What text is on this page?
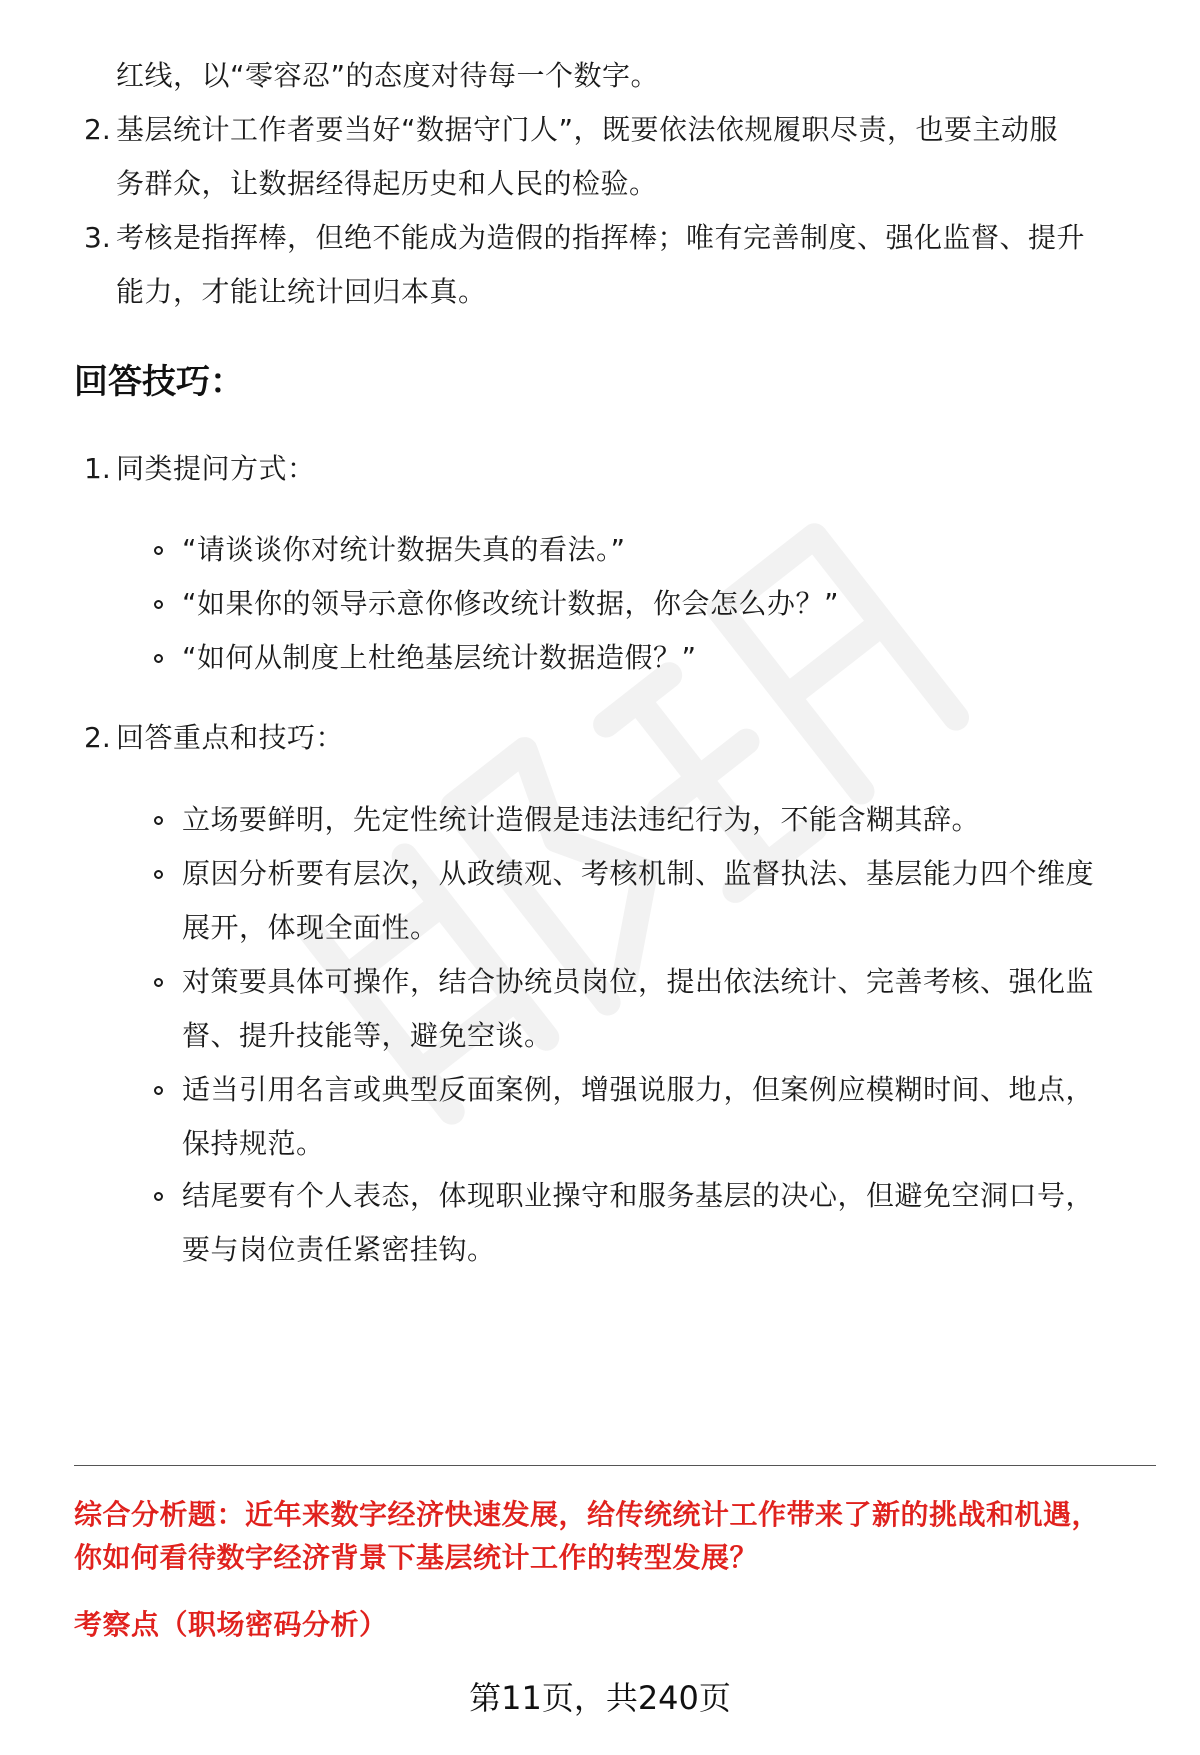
红线，以“零容忍”的态度对待每一个数字。
2. 基层统计工作者要当好“数据守门人”，既要依法依规履职尽责，也要主动服
务群众，让数据经得起历史和人民的检验。
3. 考核是指挥棒，但绝不能成为造假的指挥棒；唯有完善制度、强化监督、提升
能力，才能让统计回归本真。
回答技巧：
1. 同类提问方式：
“请谈谈你对统计数据失真的看法。”
“如果你的领导示意你修改统计数据，你会怎么办？”
“如何从制度上杜绝基层统计数据造假？”
2. 回答重点和技巧：
立场要鲜明，先定性统计造假是违法违纪行为，不能含糊其辞。
原因分析要有层次，从政绩观、考核机制、监督执法、基层能力四个维度
展开，体现全面性。
对策要具体可操作，结合协统员岗位，提出依法统计、完善考核、强化监
督、提升技能等，避免空谈。
适当引用名言或典型反面案例，增强说服力，但案例应模糊时间、地点，
保持规范。
结尾要有个人表态，体现职业操守和服务基层的决心，但避免空洞口号，
要与岗位责任紧密挂钩。
综合分析题：近年来数字经济快速发展，给传统统计工作带来了新的挑战和机遇，
你如何看待数字经济背景下基层统计工作的转型发展？
考察点（职场密码分析）
第11页，共240页
